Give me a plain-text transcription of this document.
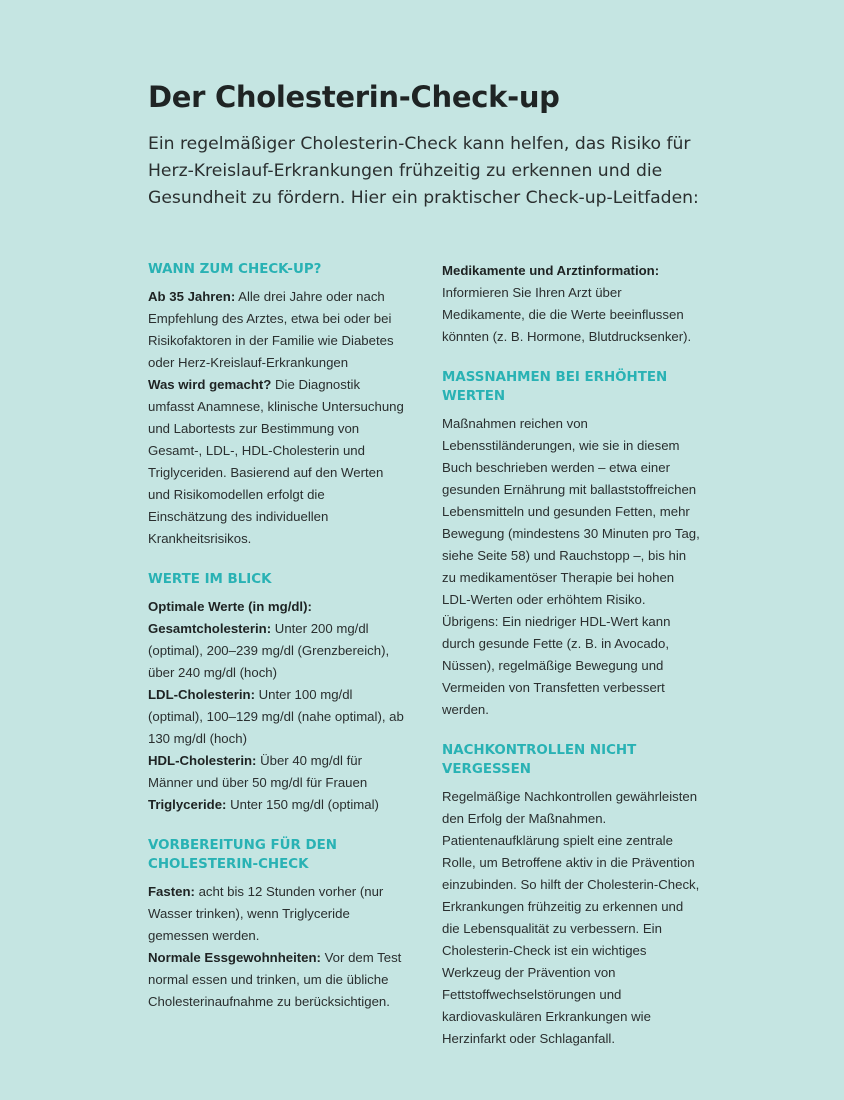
Der Cholesterin-Check-up

Ein regelmäßiger Cholesterin-Check kann helfen, das Risiko für Herz-Kreislauf-Erkrankungen frühzeitig zu erkennen und die Gesundheit zu fördern. Hier ein praktischer Check-up-Leitfaden:

WANN ZUM CHECK-UP?

Ab 35 Jahren: Alle drei Jahre oder nach Empfehlung des Arztes, etwa bei oder bei Risikofaktoren in der Familie wie Diabetes oder Herz-Kreislauf-Erkrankungen

Was wird gemacht? Die Diagnostik umfasst Anamnese, klinische Untersuchung und Labortests zur Bestimmung von Gesamt-, LDL-, HDL-Cholesterin und Triglyceriden. Basierend auf den Werten und Risikomodellen erfolgt die Einschätzung des individuellen Krankheitsrisikos.

WERTE IM BLICK

Optimale Werte (in mg/dl):

Gesamtcholesterin: Unter 200 mg/dl (optimal), 200–239 mg/dl (Grenzbereich), über 240 mg/dl (hoch)

LDL-Cholesterin: Unter 100 mg/dl (optimal), 100–129 mg/dl (nahe optimal), ab 130 mg/dl (hoch)

HDL-Cholesterin: Über 40 mg/dl für Männer und über 50 mg/dl für Frauen

Triglyceride: Unter 150 mg/dl (optimal)

VORBEREITUNG FÜR DEN CHOLESTERIN-CHECK

Fasten: acht bis 12 Stunden vorher (nur Wasser trinken), wenn Triglyceride gemessen werden.

Normale Essgewohnheiten: Vor dem Test normal essen und trinken, um die übliche Cholesterinaufnahme zu berücksichtigen.

Medikamente und Arztinformation: Informieren Sie Ihren Arzt über Medikamente, die die Werte beeinflussen könnten (z. B. Hormone, Blutdrucksenker).

MASSNAHMEN BEI ERHÖHTEN WERTEN

Maßnahmen reichen von Lebensstiländerungen, wie sie in diesem Buch beschrieben werden – etwa einer gesunden Ernährung mit ballaststoffreichen Lebensmitteln und gesunden Fetten, mehr Bewegung (mindestens 30 Minuten pro Tag, siehe Seite 58) und Rauchstopp –, bis hin zu medikamentöser Therapie bei hohen LDL-Werten oder erhöhtem Risiko. Übrigens: Ein niedriger HDL-Wert kann durch gesunde Fette (z. B. in Avocado, Nüssen), regelmäßige Bewegung und Vermeiden von Transfetten verbessert werden.

NACHKONTROLLEN NICHT VERGESSEN

Regelmäßige Nachkontrollen gewährleisten den Erfolg der Maßnahmen. Patientenaufklärung spielt eine zentrale Rolle, um Betroffene aktiv in die Prävention einzubinden. So hilft der Cholesterin-Check, Erkrankungen frühzeitig zu erkennen und die Lebensqualität zu verbessern. Ein Cholesterin-Check ist ein wichtiges Werkzeug der Prävention von Fettstoffwechselstörungen und kardiovaskulären Erkrankungen wie Herzinfarkt oder Schlaganfall.
